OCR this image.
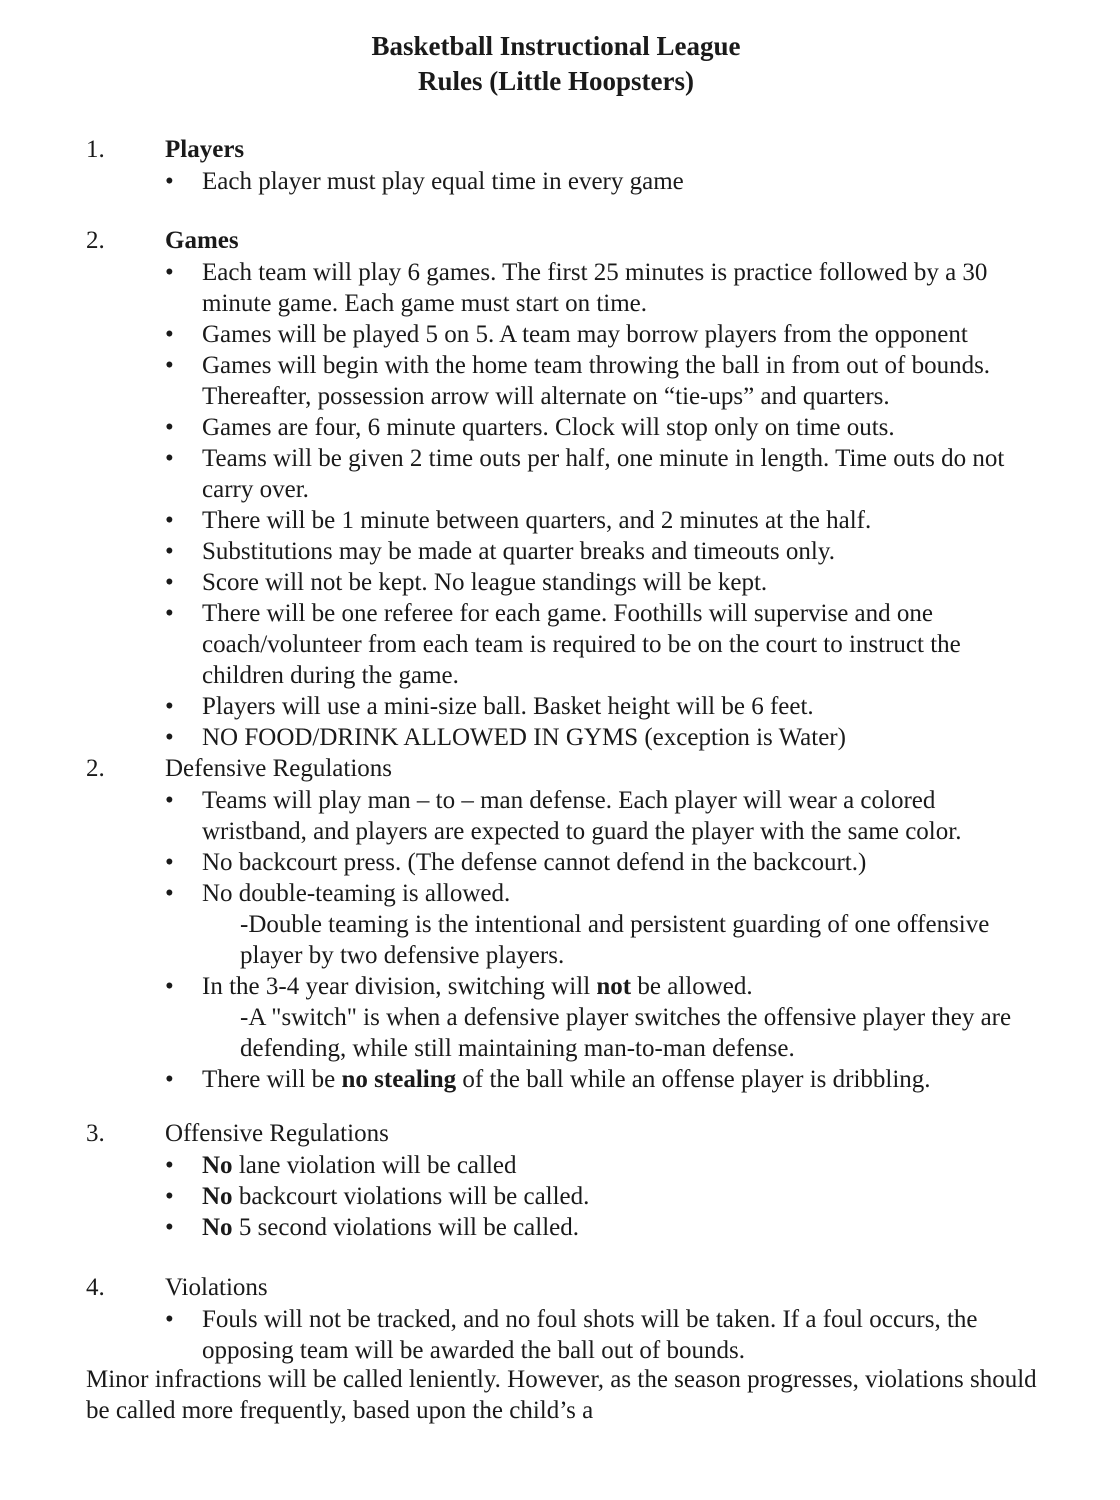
Basketball Instructional League
Rules (Little Hoopsters)
1. Players
• Each player must play equal time in every game
2. Games
• Each team will play 6 games. The first 25 minutes is practice followed by a 30 minute game. Each game must start on time.
• Games will be played 5 on 5. A team may borrow players from the opponent
• Games will begin with the home team throwing the ball in from out of bounds. Thereafter, possession arrow will alternate on “tie-ups” and quarters.
• Games are four, 6 minute quarters. Clock will stop only on time outs.
• Teams will be given 2 time outs per half, one minute in length. Time outs do not carry over.
• There will be 1 minute between quarters, and 2 minutes at the half.
• Substitutions may be made at quarter breaks and timeouts only.
• Score will not be kept. No league standings will be kept.
• There will be one referee for each game. Foothills will supervise and one coach/volunteer from each team is required to be on the court to instruct the children during the game.
• Players will use a mini-size ball. Basket height will be 6 feet.
• NO FOOD/DRINK ALLOWED IN GYMS (exception is Water)
2. Defensive Regulations
• Teams will play man – to – man defense. Each player will wear a colored wristband, and players are expected to guard the player with the same color.
• No backcourt press. (The defense cannot defend in the backcourt.)
• No double-teaming is allowed.
-Double teaming is the intentional and persistent guarding of one offensive player by two defensive players.
• In the 3-4 year division, switching will not be allowed.
-A "switch" is when a defensive player switches the offensive player they are defending, while still maintaining man-to-man defense.
• There will be no stealing of the ball while an offense player is dribbling.
3. Offensive Regulations
• No lane violation will be called
• No backcourt violations will be called.
• No 5 second violations will be called.
4. Violations
• Fouls will not be tracked, and no foul shots will be taken. If a foul occurs, the opposing team will be awarded the ball out of bounds.
Minor infractions will be called leniently. However, as the season progresses, violations should be called more frequently, based upon the child’s a
